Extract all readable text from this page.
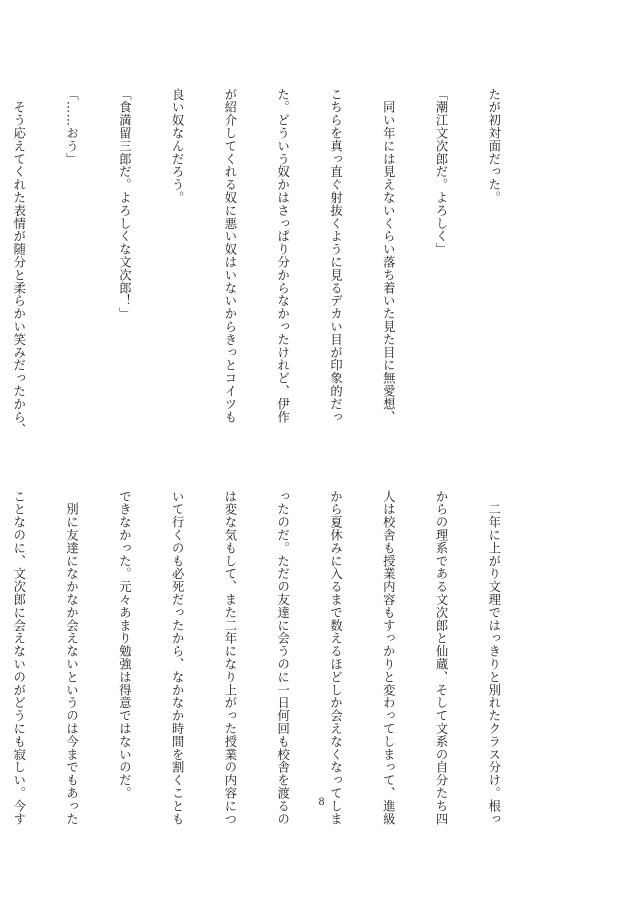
たが初対面だった。

「潮江文次郎だ。よろしく」

　同い年には見えないくらい落ち着いた見た目に無愛想、

こちらを真っ直ぐ射抜くように見るデカい目が印象的だっ

た。どういう奴かはさっぱり分からなかったけれど、伊作

が紹介してくれる奴に悪い奴はいないからきっとコイツも

良い奴なんだろう。

「食満留三郎だ。よろしくな文次郎！」

「……おう」

　そう応えてくれた表情が随分と柔らかい笑みだったから、

　二年に上がり文理ではっきりと別れたクラス分け。根っ

からの理系である文次郎と仙蔵、そして文系の自分たち四

人は校舎も授業内容もすっかりと変わってしまって、進級

から夏休みに入るまで数えるほどしか会えなくなってしま

ったのだ。ただの友達に会うのに一日何回も校舎を渡るの

は変な気もして、また二年になり上がった授業の内容につ

いて行くのも必死だったから、なかなか時間を割くことも

できなかった。元々あまり勉強は得意ではないのだ。

　別に友達になかなか会えないというのは今までもあった

ことなのに、文次郎に会えないのがどうにも寂しい。今す

	8
